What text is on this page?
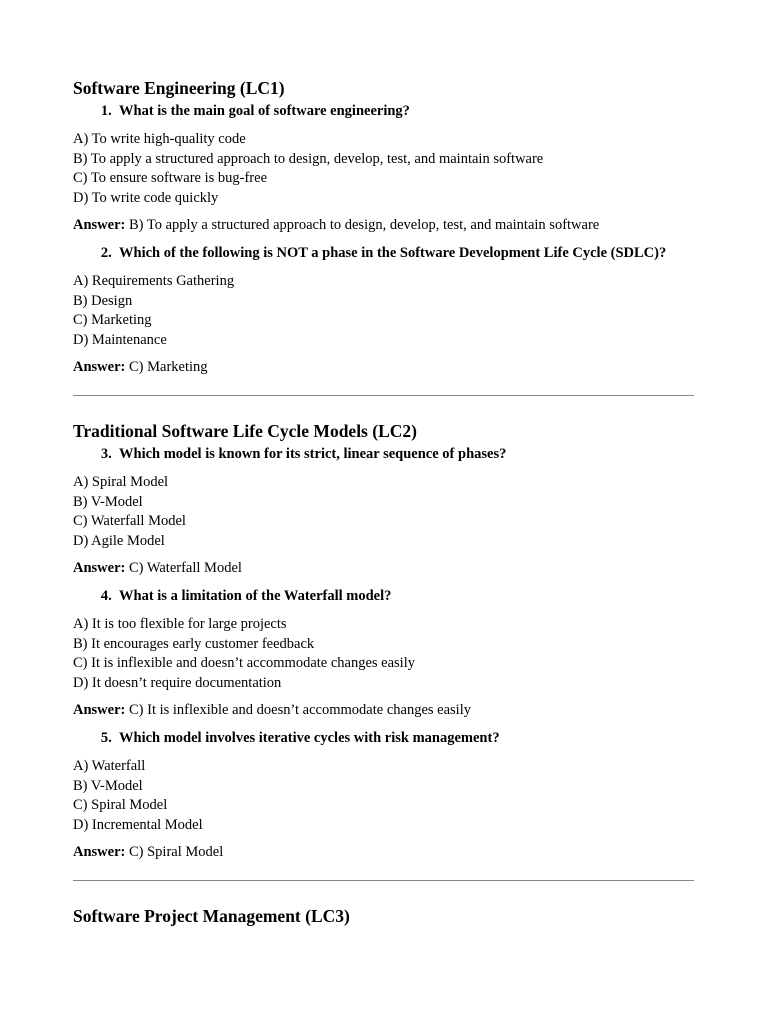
Software Engineering (LC1)
1. What is the main goal of software engineering?
A) To write high-quality code
B) To apply a structured approach to design, develop, test, and maintain software
C) To ensure software is bug-free
D) To write code quickly
Answer: B) To apply a structured approach to design, develop, test, and maintain software
2. Which of the following is NOT a phase in the Software Development Life Cycle (SDLC)?
A) Requirements Gathering
B) Design
C) Marketing
D) Maintenance
Answer: C) Marketing
Traditional Software Life Cycle Models (LC2)
3. Which model is known for its strict, linear sequence of phases?
A) Spiral Model
B) V-Model
C) Waterfall Model
D) Agile Model
Answer: C) Waterfall Model
4. What is a limitation of the Waterfall model?
A) It is too flexible for large projects
B) It encourages early customer feedback
C) It is inflexible and doesn’t accommodate changes easily
D) It doesn’t require documentation
Answer: C) It is inflexible and doesn’t accommodate changes easily
5. Which model involves iterative cycles with risk management?
A) Waterfall
B) V-Model
C) Spiral Model
D) Incremental Model
Answer: C) Spiral Model
Software Project Management (LC3)
